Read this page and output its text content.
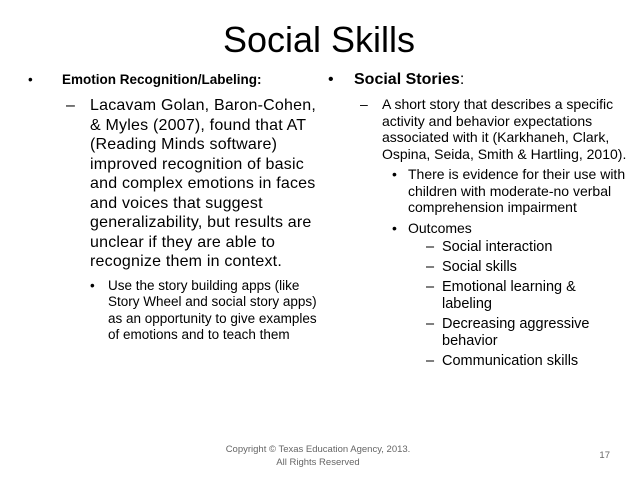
Social Skills
•	Emotion Recognition/Labeling:
– Lacavam Golan, Baron-Cohen, & Myles (2007), found that AT (Reading Minds software) improved recognition of basic and complex emotions in faces and voices that suggest generalizability, but results are unclear if they are able to recognize them in context.
• Use the story building apps (like Story Wheel and social story apps) as an opportunity to give examples of emotions and to teach them
•	Social Stories:
–	A short story that describes a specific activity and behavior expectations associated with it (Karkhaneh, Clark, Ospina, Seida, Smith & Hartling, 2010).
• There is evidence for their use with children with moderate-no verbal comprehension impairment
• Outcomes
– Social interaction
– Social skills
– Emotional learning & labeling
– Decreasing aggressive behavior
– Communication skills
Copyright © Texas Education Agency, 2013.
All Rights Reserved
17
